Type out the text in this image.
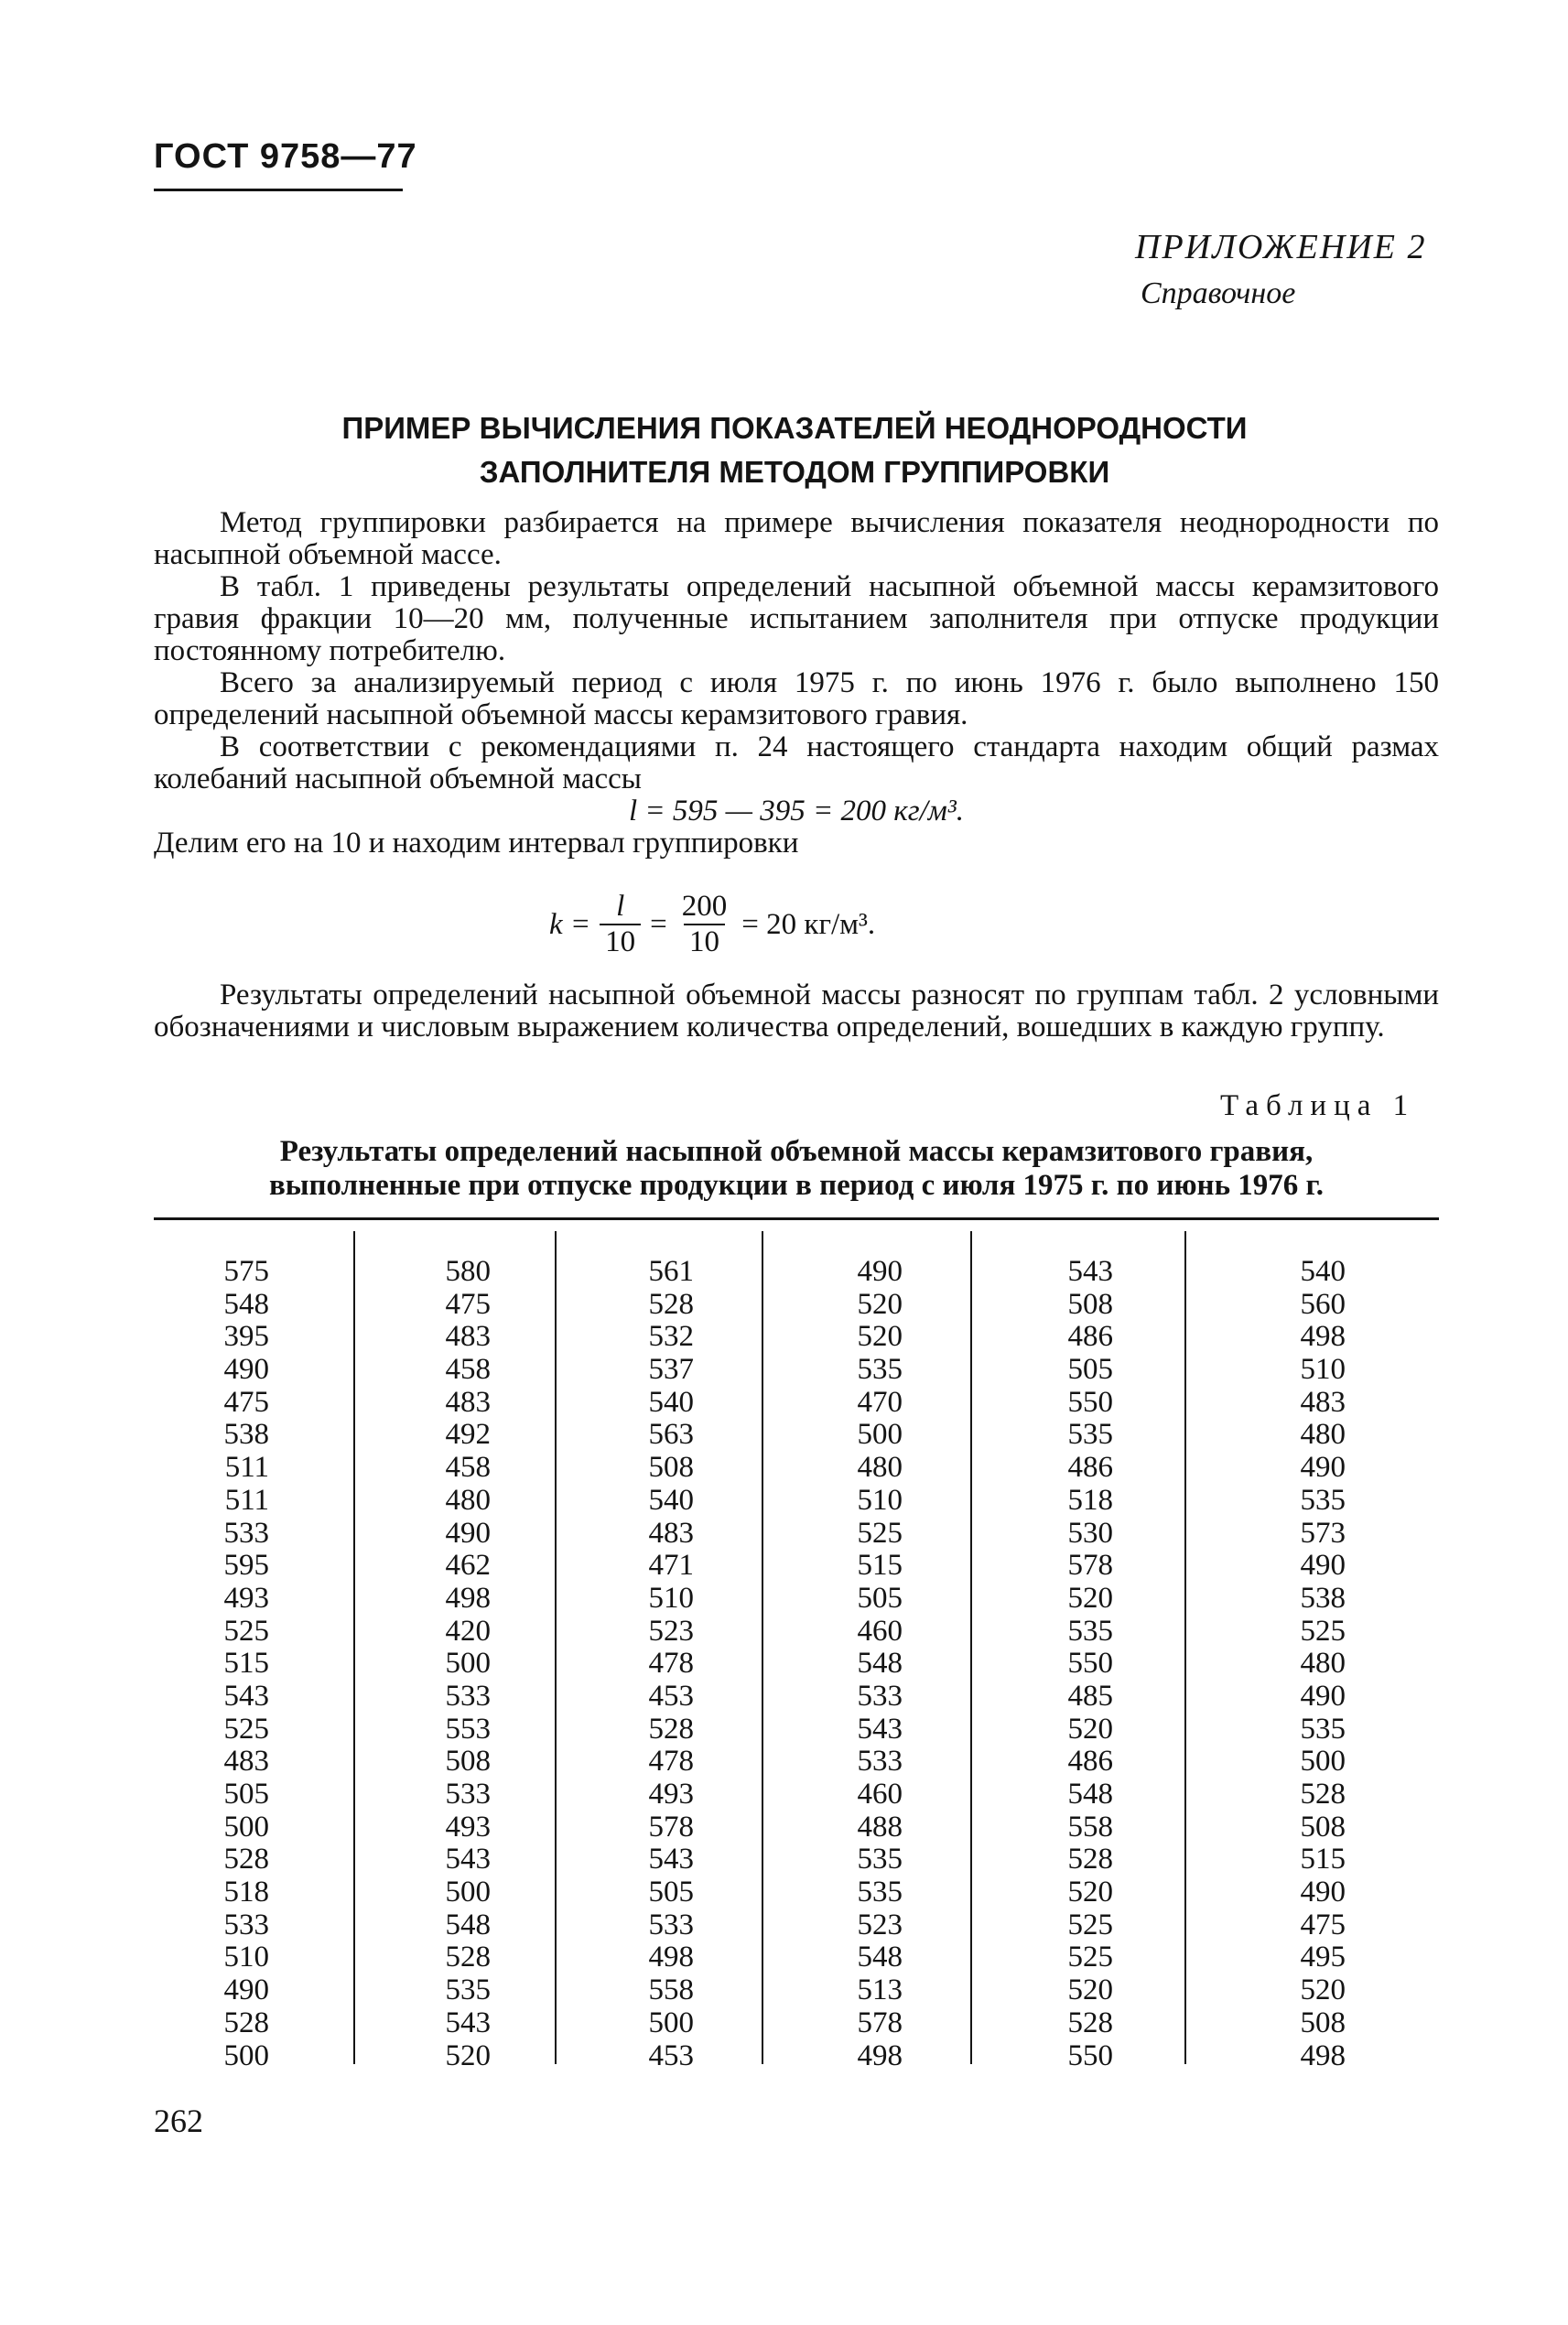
ГОСТ 9758—77
ПРИЛОЖЕНИЕ 2
Справочное
ПРИМЕР ВЫЧИСЛЕНИЯ ПОКАЗАТЕЛЕЙ НЕОДНОРОДНОСТИ
ЗАПОЛНИТЕЛЯ МЕТОДОМ ГРУППИРОВКИ

Метод группировки разбирается на примере вычисления показателя неоднородности по насыпной объемной массе.

В табл. 1 приведены результаты определений насыпной объемной массы керамзитового гравия фракции 10—20 мм, полученные испытанием заполнителя при отпуске продукции постоянному потребителю.

Всего за анализируемый период с июля 1975 г. по июнь 1976 г. было выполнено 150 определений насыпной объемной массы керамзитового гравия.

В соответствии с рекомендациями п. 24 настоящего стандарта находим общий размах колебаний насыпной объемной массы

l = 595 — 395 = 200 кг/м³.

Делим его на 10 и находим интервал группировки

$k = \frac{l}{10} = \frac{200}{10} = 20$ кг/м³.

Результаты определений насыпной объемной массы разносят по группам табл. 2 условными обозначениями и числовым выражением количества определений, вошедших в каждую группу.

Таблица 1
Результаты определений насыпной объемной массы керамзитового гравия,
выполненные при отпуске продукции в период с июля 1975 г. по июнь 1976 г.
575
548
395
490
475
538
511
511
533
595
493
525
515
543
525
483
505
500
528
518
533
510
490
528
500
580
475
483
458
483
492
458
480
490
462
498
420
500
533
553
508
533
493
543
500
548
528
535
543
520
561
528
532
537
540
563
508
540
483
471
510
523
478
453
528
478
493
578
543
505
533
498
558
500
453
490
520
520
535
470
500
480
510
525
515
505
460
548
533
543
533
460
488
535
535
523
548
513
578
498
543
508
486
505
550
535
486
518
530
578
520
535
550
485
520
486
548
558
528
520
525
525
520
528
550
540
560
498
510
483
480
490
535
573
490
538
525
480
490
535
500
528
508
515
490
475
495
520
508
498
262
